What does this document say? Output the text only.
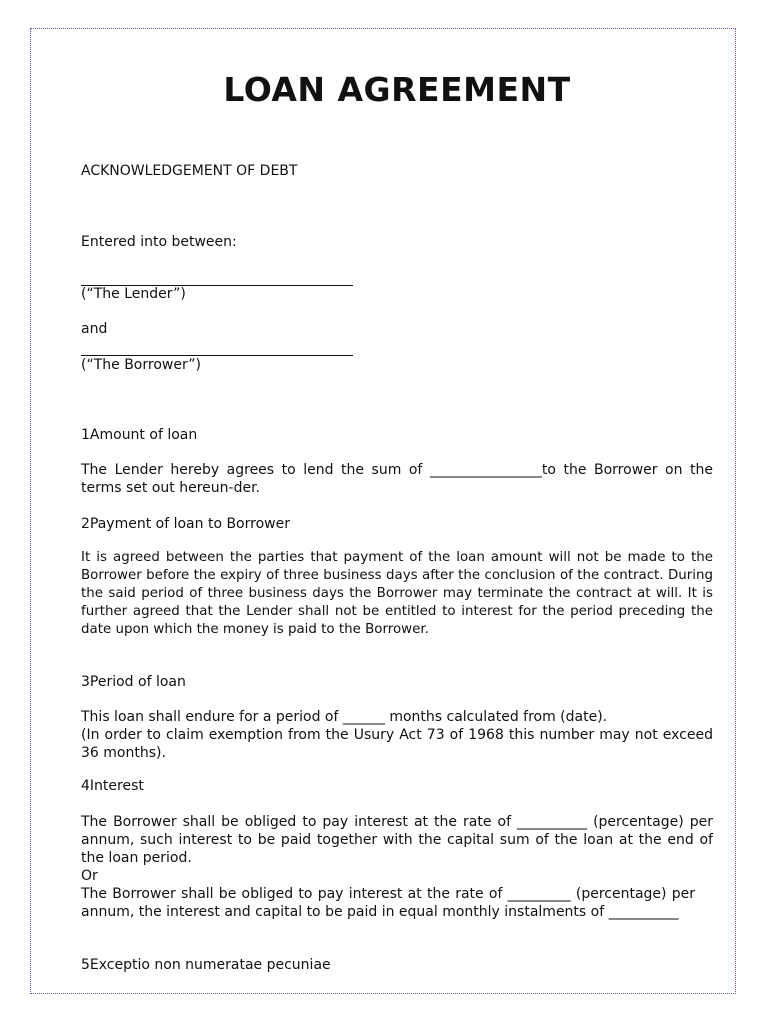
LOAN AGREEMENT
ACKNOWLEDGEMENT OF DEBT
Entered into between:
(“The Lender”)
and
(“The Borrower”)
1Amount of loan

The Lender hereby agrees to lend the sum of ________________to the Borrower on the terms set out hereun-der.

2Payment of loan to Borrower

It is agreed between the parties that payment of the loan amount will not be made to the Borrower before the expiry of three business days after the conclusion of the contract. During the said period of three business days the Borrower may terminate the contract at will. It is further agreed that the Lender shall not be entitled to interest for the period preceding the date upon which the money is paid to the Borrower.

3Period of loan

This loan shall endure for a period of ______ months calculated from (date).
(In order to claim exemption from the Usury Act 73 of 1968 this number may not exceed 36 months).

4Interest

The Borrower shall be obliged to pay interest at the rate of __________ (percentage) per annum, such interest to be paid together with the capital sum of the loan at the end of the loan period.

Or

The Borrower shall be obliged to pay interest at the rate of _________ (percentage) per annum, the interest and capital to be paid in equal monthly instalments of __________

5Exceptio non numeratae pecuniae
